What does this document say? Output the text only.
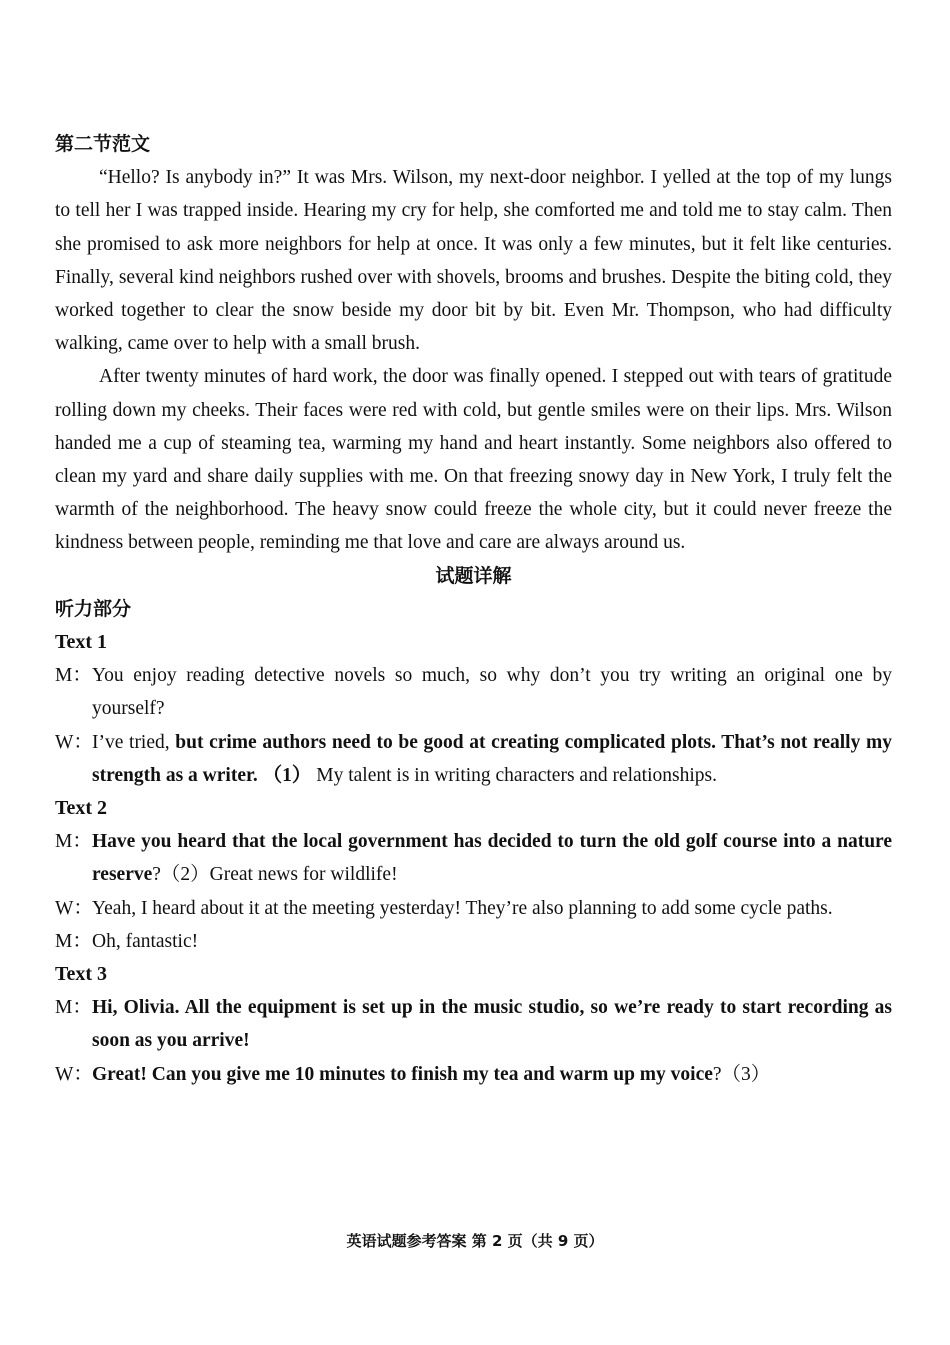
第二节范文

“Hello? Is anybody in?” It was Mrs. Wilson, my next-door neighbor. I yelled at the top of my lungs to tell her I was trapped inside. Hearing my cry for help, she comforted me and told me to stay calm. Then she promised to ask more neighbors for help at once. It was only a few minutes, but it felt like centuries. Finally, several kind neighbors rushed over with shovels, brooms and brushes. Despite the biting cold, they worked together to clear the snow beside my door bit by bit. Even Mr. Thompson, who had difficulty walking, came over to help with a small brush.

After twenty minutes of hard work, the door was finally opened. I stepped out with tears of gratitude rolling down my cheeks. Their faces were red with cold, but gentle smiles were on their lips. Mrs. Wilson handed me a cup of steaming tea, warming my hand and heart instantly. Some neighbors also offered to clean my yard and share daily supplies with me. On that freezing snowy day in New York, I truly felt the warmth of the neighborhood. The heavy snow could freeze the whole city, but it could never freeze the kindness between people, reminding me that love and care are always around us.

试题详解

听力部分

Text 1

M： You enjoy reading detective novels so much, so why don’t you try writing an original one by yourself?

W： I’ve tried, but crime authors need to be good at creating complicated plots. That’s not really my strength as a writer. （1） My talent is in writing characters and relationships.

Text 2

M： Have you heard that the local government has decided to turn the old golf course into a nature reserve?（2）Great news for wildlife!

W： Yeah, I heard about it at the meeting yesterday! They’re also planning to add some cycle paths.

M： Oh, fantastic!

Text 3

M： Hi, Olivia. All the equipment is set up in the music studio, so we’re ready to start recording as soon as you arrive!

W： Great! Can you give me 10 minutes to finish my tea and warm up my voice?（3）

英语试题参考答案 第 2 页（共 9 页）
